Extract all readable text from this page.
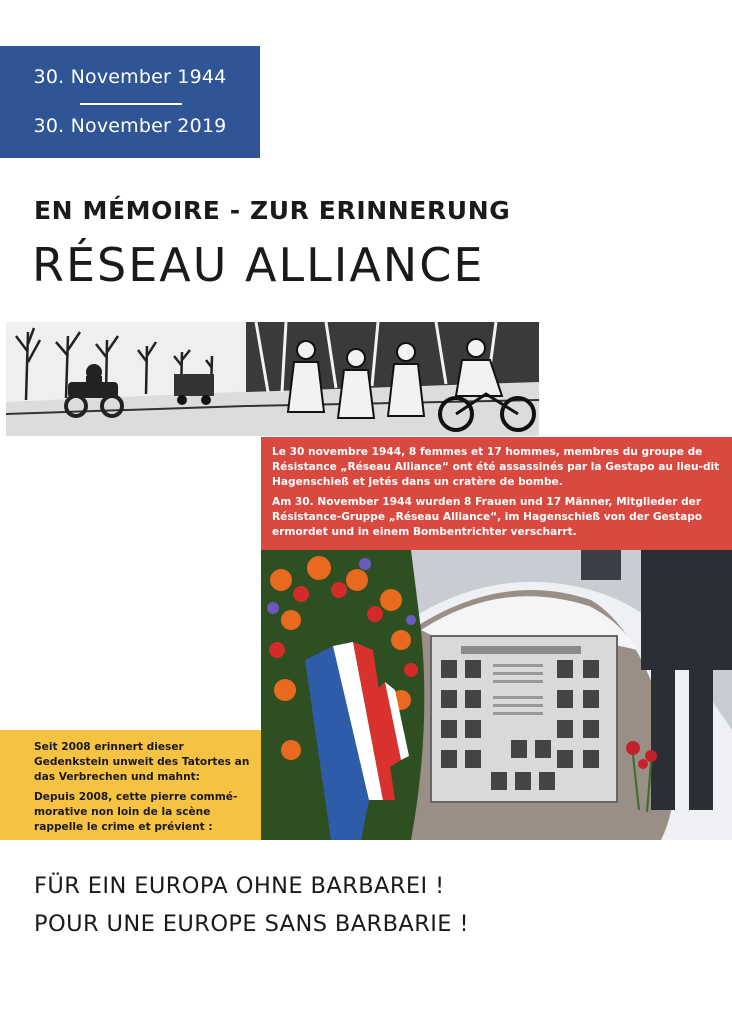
30. November 1944
30. November 2019
EN MÉMOIRE - ZUR ERINNERUNG
RÉSEAU ALLIANCE

Le 30 novembre 1944, 8 femmes et 17 hommes, membres du groupe de Résistance „Réseau Alliance“ ont été assassinés par la Gestapo au lieu-dit Hagenschieß et jetés dans un cratère de bombe.

Am 30. November 1944 wurden 8 Frauen und 17 Männer, Mitglieder der Résistance-Gruppe „Réseau Alliance“, im Hagenschieß von der Gestapo ermordet und in einem Bombentrichter verscharrt.

Seit 2008 erinnert dieser Gedenkstein unweit des Tatortes an das Verbrechen und mahnt:

Depuis 2008, cette pierre commémorative non loin de la scène rappelle le crime et prévient :

FÜR EIN EUROPA OHNE BARBAREI !
POUR UNE EUROPE SANS BARBARIE !
